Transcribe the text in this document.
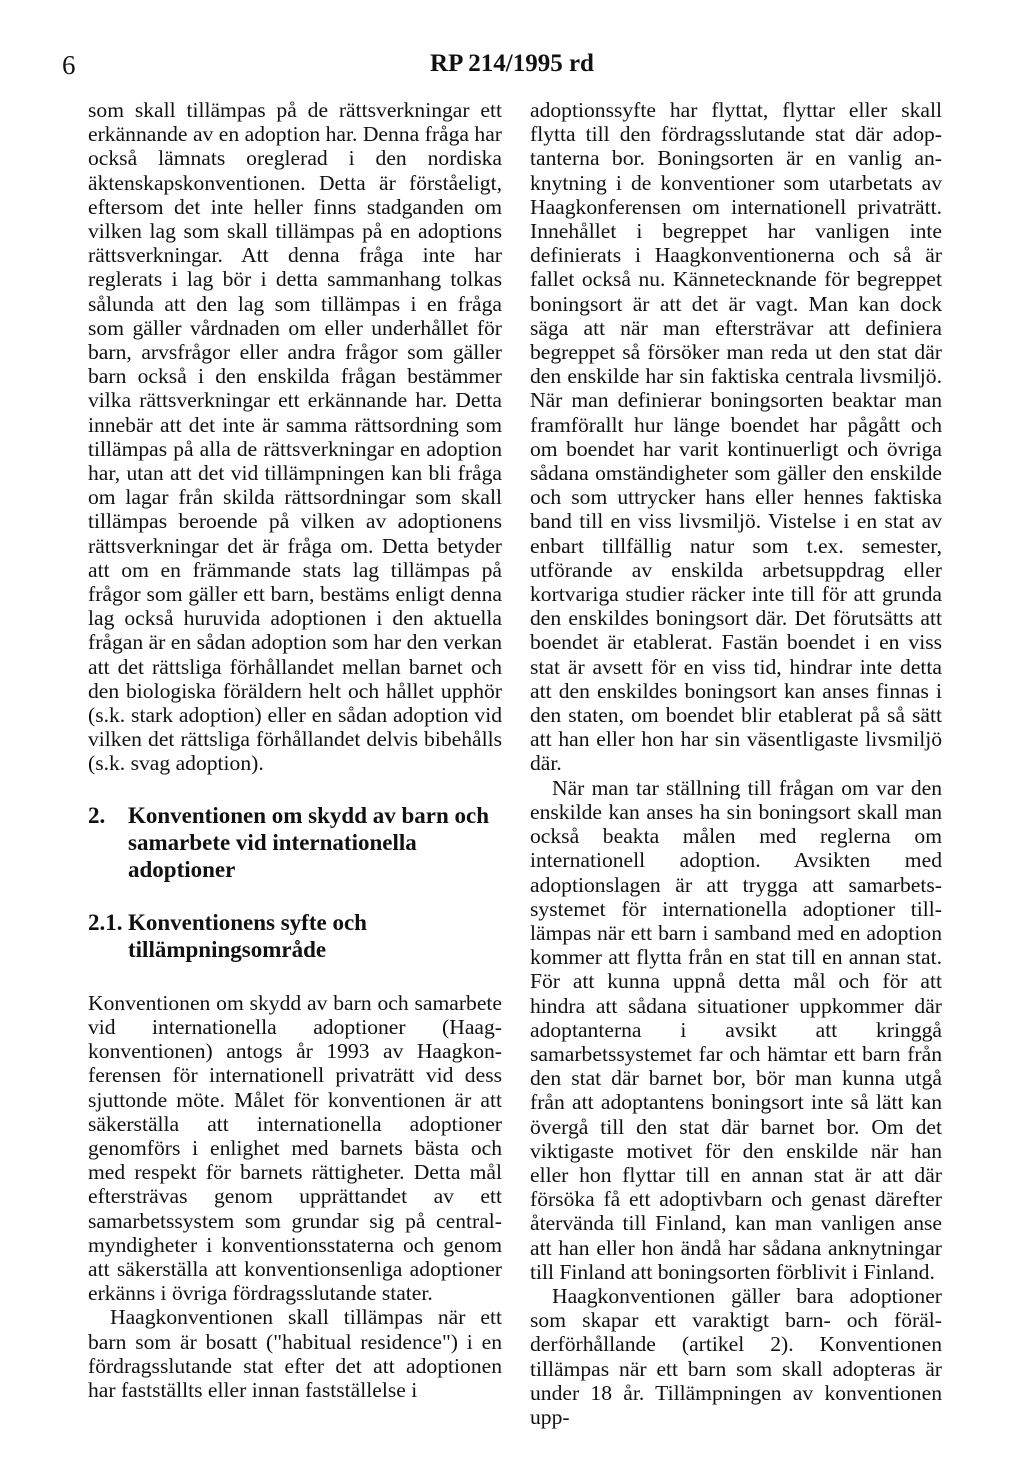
6	RP 214/1995 rd

som skall tillämpas på de rättsverkningar ett erkännande av en adoption har. Denna fråga har också lämnats oreglerad i den nordiska äktenskapskonventionen. Detta är förståeligt, eftersom det inte heller finns stadganden om vilken lag som skall tillämpas på en adoptions rättsverkningar. Att denna fråga inte har reglerats i lag bör i detta sammanhang tolkas sålunda att den lag som tillämpas i en fråga som gäller vårdnaden om eller underhållet för barn, arvsfrågor eller andra frågor som gäller barn också i den enskilda frågan bestämmer vilka rättsverkningar ett erkännande har. Detta innebär att det inte är samma rättsordning som tillämpas på alla de rättsverkningar en adoption har, utan att det vid tillämpningen kan bli fråga om lagar från skilda rättsordningar som skall tillämpas beroende på vilken av adoptionens rättsverkningar det är fråga om. Detta betyder att om en främmande stats lag tillämpas på frågor som gäller ett barn, bestäms enligt denna lag också huruvida adoptionen i den aktuella frågan är en sådan adoption som har den verkan att det rättsliga förhållandet mellan barnet och den biologiska föräldern helt och hållet upphör (s.k. stark adoption) eller en sådan adoption vid vilken det rättsliga förhållandet delvis bibehålls (s.k. svag adoption).

2. Konventionen om skydd av barn och samarbete vid internationella adoptioner
2.1. Konventionens syfte och tillämpningsområde

Konventionen om skydd av barn och samarbete vid internationella adoptioner (Haagkonventionen) antogs år 1993 av Haagkonferensen för internationell privaträtt vid dess sjuttonde möte. Målet för konventionen är att säkerställa att internationella adoptioner genomförs i enlighet med barnets bästa och med respekt för barnets rättigheter. Detta mål eftersträvas genom upprättandet av ett samarbetssystem som grundar sig på centralmyndigheter i konventionsstaterna och genom att säkerställa att konventionsenliga adoptioner erkänns i övriga fördragsslutande stater.

Haagkonventionen skall tillämpas när ett barn som är bosatt ("habitual residence") i en fördragsslutande stat efter det att adoptionen har fastställts eller innan fastställelse i

adoptionssyfte har flyttat, flyttar eller skall flytta till den fördragsslutande stat där adoptanterna bor. Boningsorten är en vanlig anknytning i de konventioner som utarbetats av Haagkonferensen om internationell privaträtt. Innehållet i begreppet har vanligen inte definierats i Haagkonventionerna och så är fallet också nu. Kännetecknande för begreppet boningsort är att det är vagt. Man kan dock säga att när man eftersträvar att definiera begreppet så försöker man reda ut den stat där den enskilde har sin faktiska centrala livsmiljö. När man definierar boningsorten beaktar man framförallt hur länge boendet har pågått och om boendet har varit kontinuerligt och övriga sådana omständigheter som gäller den enskilde och som uttrycker hans eller hennes faktiska band till en viss livsmiljö. Vistelse i en stat av enbart tillfällig natur som t.ex. semester, utförande av enskilda arbetsuppdrag eller kortvariga studier räcker inte till för att grunda den enskildes boningsort där. Det förutsätts att boendet är etablerat. Fastän boendet i en viss stat är avsett för en viss tid, hindrar inte detta att den enskildes boningsort kan anses finnas i den staten, om boendet blir etablerat på så sätt att han eller hon har sin väsentligaste livsmiljö där.

När man tar ställning till frågan om var den enskilde kan anses ha sin boningsort skall man också beakta målen med reglerna om internationell adoption. Avsikten med adoptionslagen är att trygga att samarbetssystemet för internationella adoptioner tilllämpas när ett barn i samband med en adoption kommer att flytta från en stat till en annan stat. För att kunna uppnå detta mål och för att hindra att sådana situationer uppkommer där adoptanterna i avsikt att kringgå samarbetssystemet far och hämtar ett barn från den stat där barnet bor, bör man kunna utgå från att adoptantens boningsort inte så lätt kan övergå till den stat där barnet bor. Om det viktigaste motivet för den enskilde när han eller hon flyttar till en annan stat är att där försöka få ett adoptivbarn och genast därefter återvända till Finland, kan man vanligen anse att han eller hon ändå har sådana anknytningar till Finland att boningsorten förblivit i Finland.

Haagkonventionen gäller bara adoptioner som skapar ett varaktigt barn- och förälderförhållande (artikel 2). Konventionen tillämpas när ett barn som skall adopteras är under 18 år. Tillämpningen av konventionen upp-
